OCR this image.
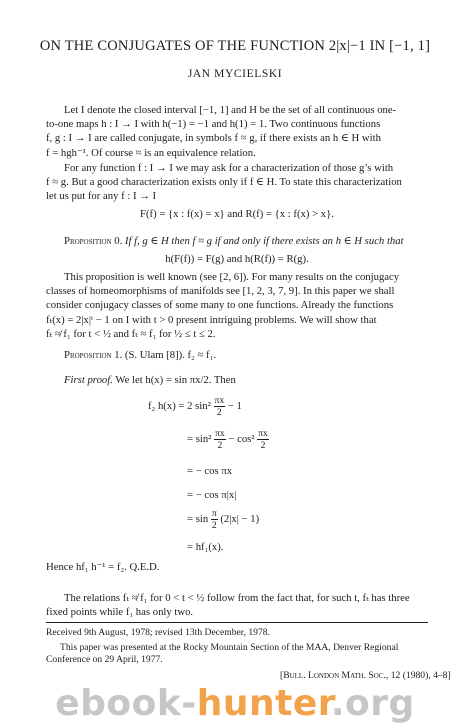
ON THE CONJUGATES OF THE FUNCTION 2|x|−1 IN [−1, 1]
JAN MYCIELSKI
Let I denote the closed interval [−1, 1] and H be the set of all continuous one-
to-one maps h : I → I with h(−1) = −1 and h(1) = 1. Two continuous functions
f, g : I → I are called conjugate, in symbols f ≈ g, if there exists an h ∈ H with
f = hgh⁻¹. Of course ≈ is an equivalence relation.
For any function f : I → I we may ask for a characterization of those g’s with
f ≈ g. But a good characterization exists only if f ∈ H. To state this characterization
let us put for any f : I → I
F(f) = {x : f(x) = x} and R(f) = {x : f(x) > x}.
Proposition 0. If f, g ∈ H then f ≈ g if and only if there exists an h ∈ H such that
h(F(f)) = F(g) and h(R(f)) = R(g).
This proposition is well known (see [2, 6]). For many results on the conjugacy
classes of homeomorphisms of manifolds see [1, 2, 3, 7, 9]. In this paper we shall
consider conjugacy classes of some many to one functions. Already the functions
fₜ(x) = 2|x|ᵗ − 1 on I with t > 0 present intriguing problems. We will show that
fₜ ≉ f₁ for t < ½ and fₜ ≈ f₁ for ½ ≤ t ≤ 2.
Proposition 1. (S. Ulam [8]). f₂ ≈ f₁.
First proof. We let h(x) = sin πx/2. Then
f₂ h(x) = 2 $\sin^2 \frac{\pi x}{2} - 1$
= $\sin^2 \frac{\pi x}{2} - \cos^2 \frac{\pi x}{2}$
= − cos πx
= − cos π|x|
= $\sin \frac{\pi}{2} (2|x| - 1)$
= hf₁(x).
Hence hf₁ h⁻¹ = f₂. Q.E.D.
The relations fₜ ≉ f₁ for 0 < t < ½ follow from the fact that, for such t, fₜ has three
fixed points while f₁ has only two.
Received 9th August, 1978; revised 13th December, 1978.
This paper was presented at the Rocky Mountain Section of the MAA, Denver Regional
Conference on 29 April, 1977.
[Bull. London Math. Soc., 12 (1980), 4–8]
ebook-hunter.org
